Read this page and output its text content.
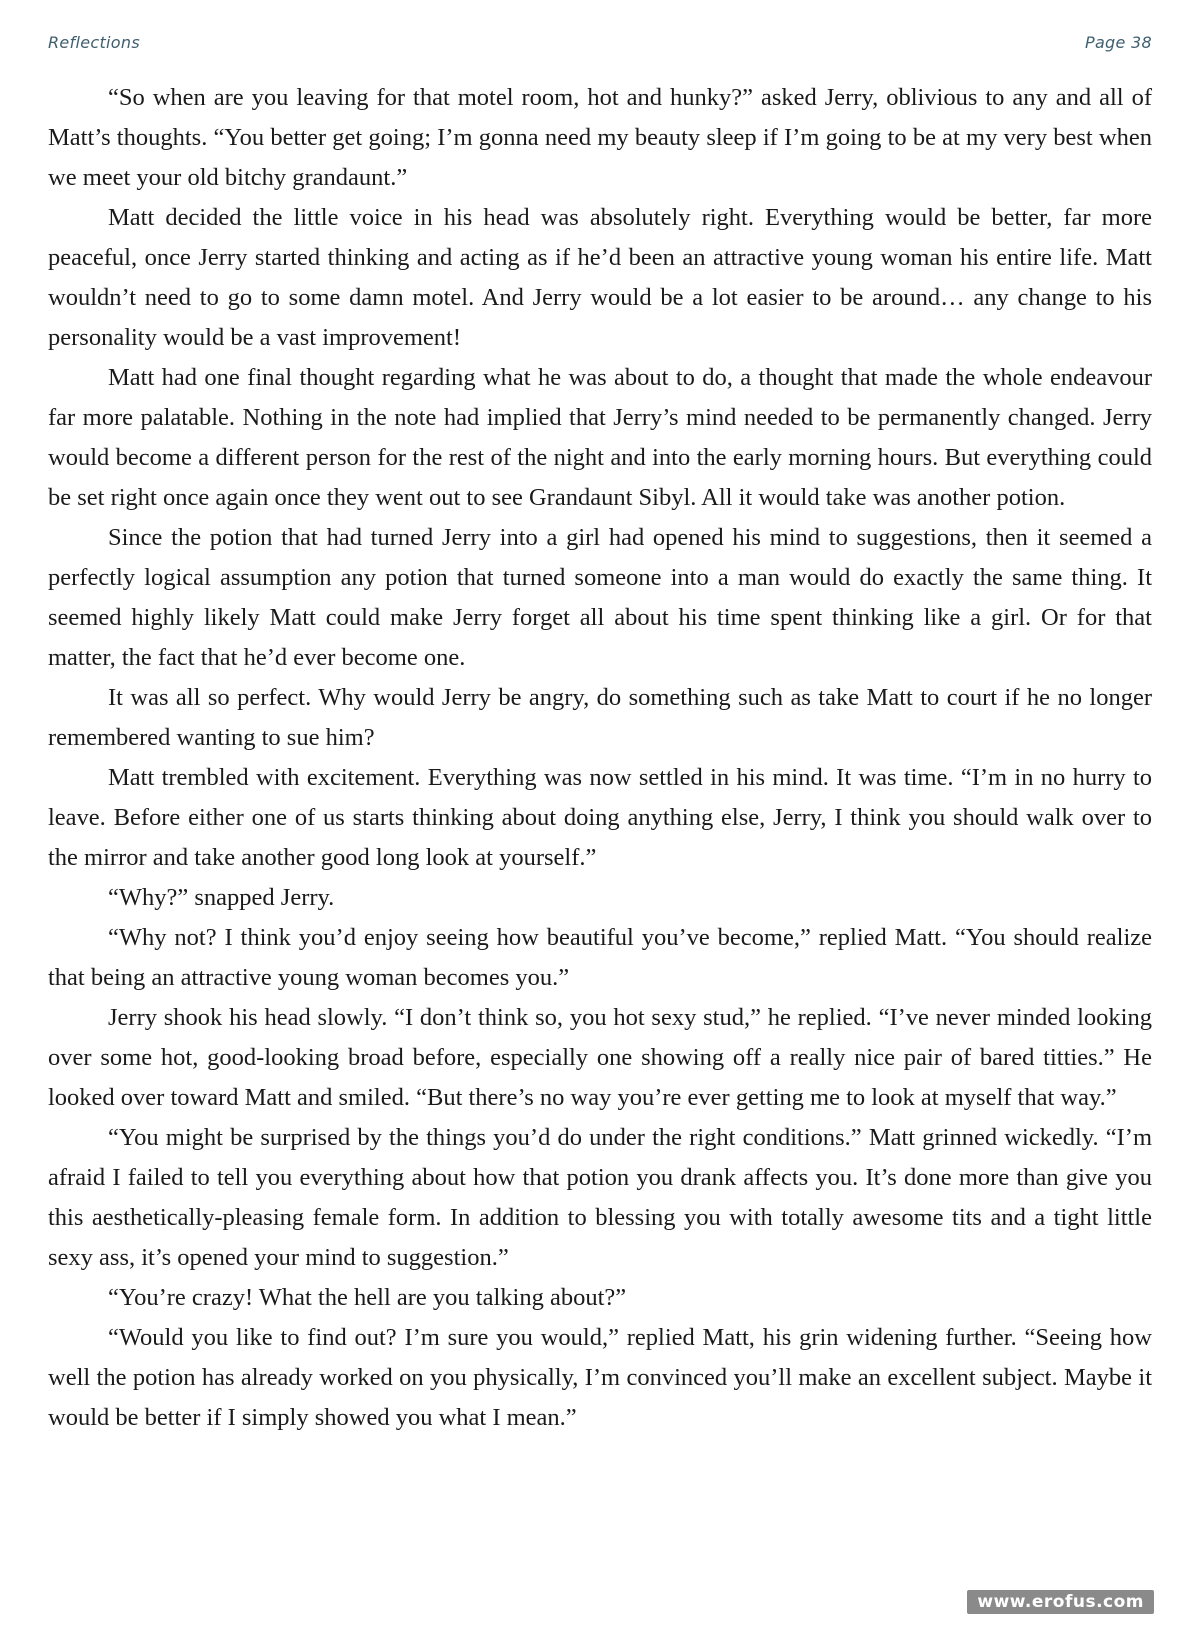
Reflections	Page 38

“So when are you leaving for that motel room, hot and hunky?” asked Jerry, oblivious to any and all of Matt’s thoughts. “You better get going; I’m gonna need my beauty sleep if I’m going to be at my very best when we meet your old bitchy grandaunt.”

Matt decided the little voice in his head was absolutely right. Everything would be better, far more peaceful, once Jerry started thinking and acting as if he’d been an attractive young woman his entire life. Matt wouldn’t need to go to some damn motel. And Jerry would be a lot easier to be around… any change to his personality would be a vast improvement!

Matt had one final thought regarding what he was about to do, a thought that made the whole endeavour far more palatable. Nothing in the note had implied that Jerry’s mind needed to be permanently changed. Jerry would become a different person for the rest of the night and into the early morning hours. But everything could be set right once again once they went out to see Grandaunt Sibyl. All it would take was another potion.

Since the potion that had turned Jerry into a girl had opened his mind to suggestions, then it seemed a perfectly logical assumption any potion that turned someone into a man would do exactly the same thing. It seemed highly likely Matt could make Jerry forget all about his time spent thinking like a girl. Or for that matter, the fact that he’d ever become one.

It was all so perfect. Why would Jerry be angry, do something such as take Matt to court if he no longer remembered wanting to sue him?

Matt trembled with excitement. Everything was now settled in his mind. It was time. “I’m in no hurry to leave. Before either one of us starts thinking about doing anything else, Jerry, I think you should walk over to the mirror and take another good long look at yourself.”

“Why?” snapped Jerry.

“Why not? I think you’d enjoy seeing how beautiful you’ve become,” replied Matt. “You should realize that being an attractive young woman becomes you.”

Jerry shook his head slowly. “I don’t think so, you hot sexy stud,” he replied. “I’ve never minded looking over some hot, good-looking broad before, especially one showing off a really nice pair of bared titties.” He looked over toward Matt and smiled. “But there’s no way you’re ever getting me to look at myself that way.”

“You might be surprised by the things you’d do under the right conditions.” Matt grinned wickedly. “I’m afraid I failed to tell you everything about how that potion you drank affects you. It’s done more than give you this aesthetically-pleasing female form. In addition to blessing you with totally awesome tits and a tight little sexy ass, it’s opened your mind to suggestion.”

“You’re crazy! What the hell are you talking about?”

“Would you like to find out? I’m sure you would,” replied Matt, his grin widening further. “Seeing how well the potion has already worked on you physically, I’m convinced you’ll make an excellent subject. Maybe it would be better if I simply showed you what I mean.”

www.erofus.com
